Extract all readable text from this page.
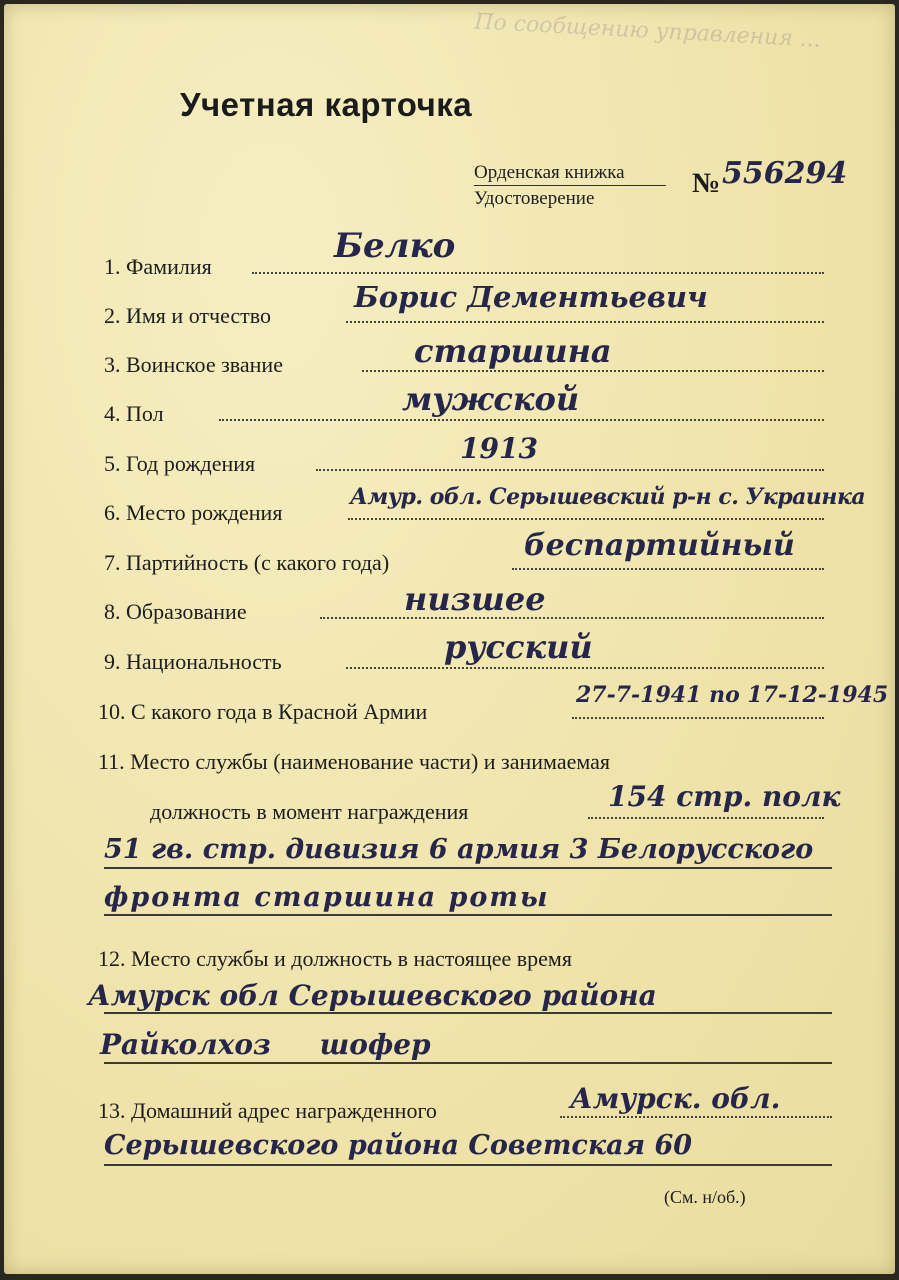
По сообщению управления ...
Учетная карточка
Орденская книжка
Удостоверение	№ 556294
1. Фамилия
Белко
2. Имя и отчество
Борис Дементьевич
3. Воинское звание	старшина
4. Пол	мужской
5. Год рождения	1913
6. Место рождения
Амур. обл. Серышевский р-н с. Украинка
7. Партийность (с какого года)	беспартийный
8. Образование	низшее
9. Национальность	русский
10. С какого года в Красной Армии
27-7-1941 по 17-12-1945
11. Место службы (наименование части) и занимаемая
должность в момент награждения	154 стр. полк
51 гв. стр. дивизия 6 армия 3 Белорусского
фронта старшина роты
12. Место службы и должность в настоящее время
Амурск обл Серышевского района
Райколхоз     шофер
13. Домашний адрес награжденного	Амурск. обл.
Серышевского района Советская 60
(См. н/об.)
